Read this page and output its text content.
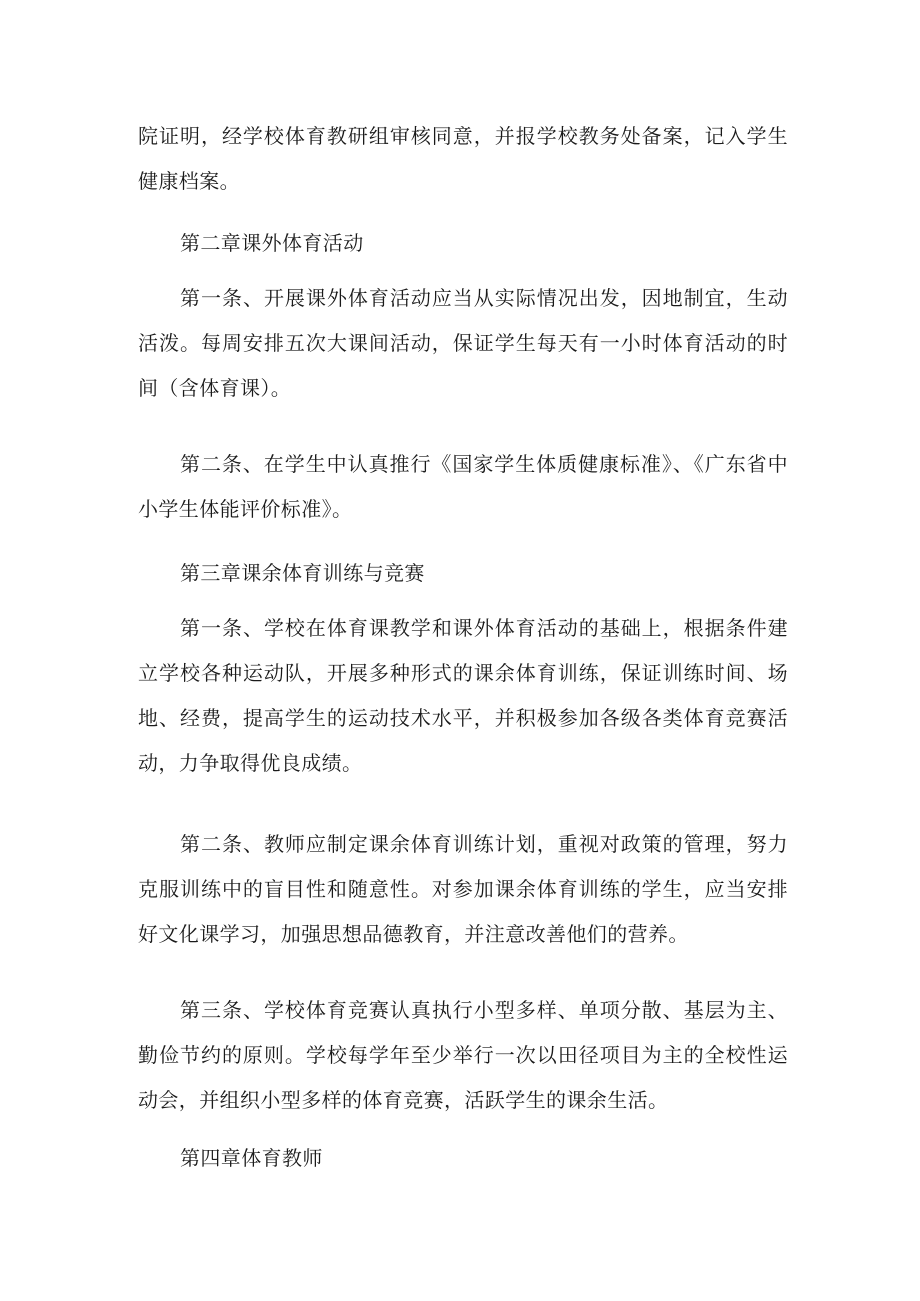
院证明，经学校体育教研组审核同意，并报学校教务处备案，记入学生健康档案。

第二章课外体育活动

第一条、开展课外体育活动应当从实际情况出发，因地制宜，生动活泼。每周安排五次大课间活动，保证学生每天有一小时体育活动的时间（含体育课）。

第二条、在学生中认真推行《国家学生体质健康标准》、《广东省中小学生体能评价标准》。

第三章课余体育训练与竞赛

第一条、学校在体育课教学和课外体育活动的基础上，根据条件建立学校各种运动队，开展多种形式的课余体育训练，保证训练时间、场地、经费，提高学生的运动技术水平，并积极参加各级各类体育竞赛活动，力争取得优良成绩。

第二条、教师应制定课余体育训练计划，重视对政策的管理，努力克服训练中的盲目性和随意性。对参加课余体育训练的学生，应当安排好文化课学习，加强思想品德教育，并注意改善他们的营养。

第三条、学校体育竞赛认真执行小型多样、单项分散、基层为主、勤俭节约的原则。学校每学年至少举行一次以田径项目为主的全校性运动会，并组织小型多样的体育竞赛，活跃学生的课余生活。

第四章体育教师
